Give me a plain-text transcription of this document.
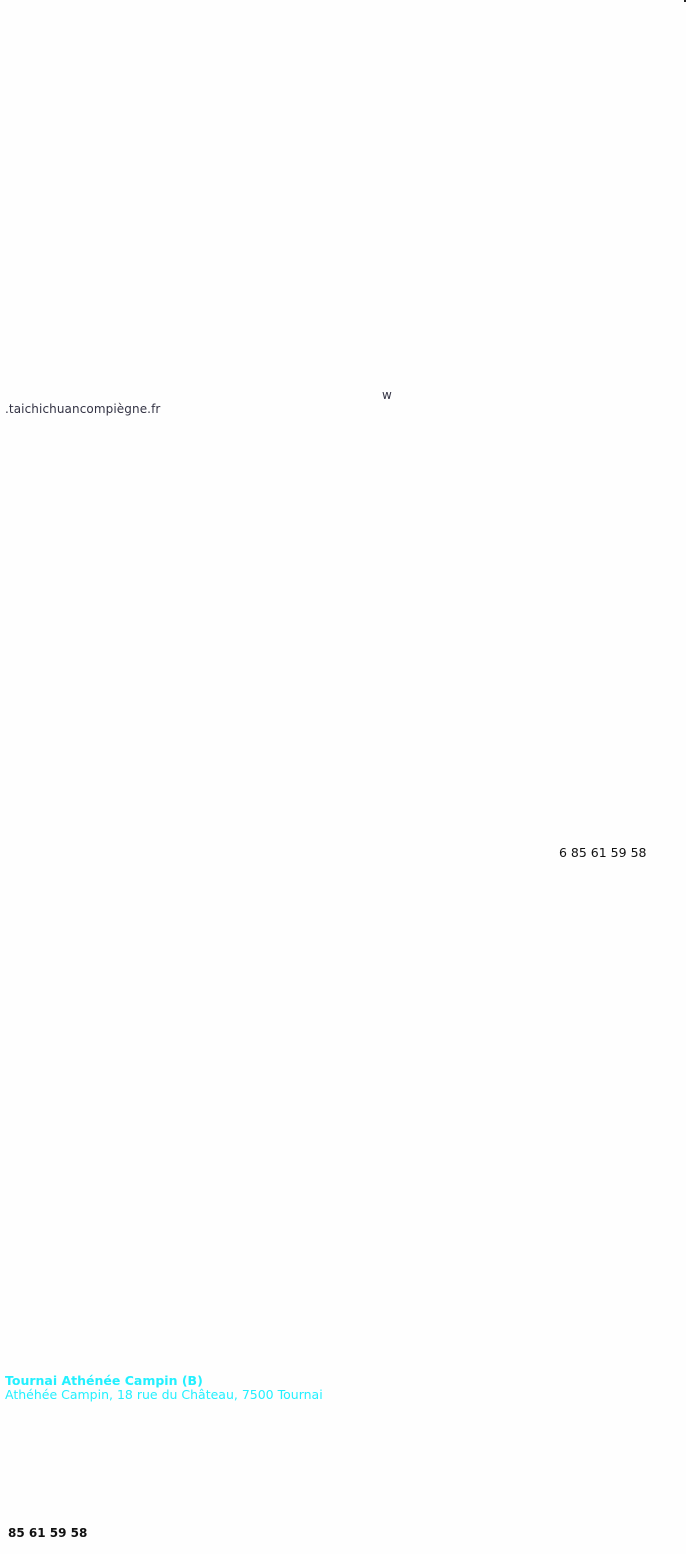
w
.taichichuancompiègne.fr
6 85 61 59 58
Tournai Athénée Campin (B)
Athéhée Campin, 18 rue du Château, 7500 Tournai
85 61 59 58
